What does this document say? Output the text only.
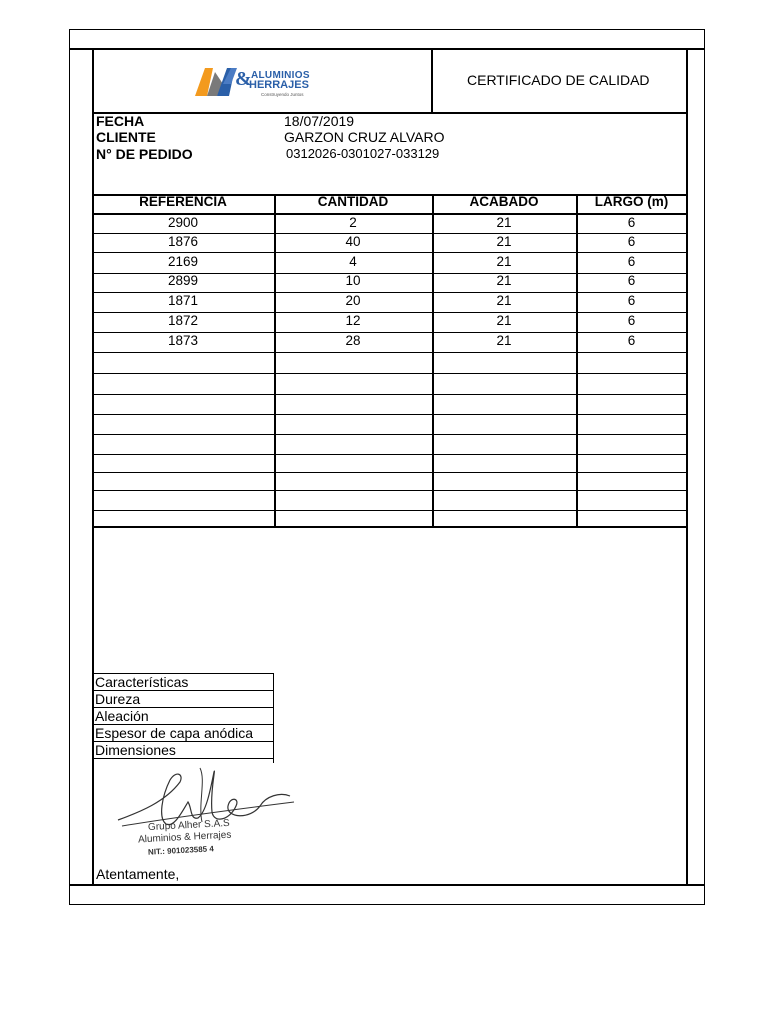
& ALUMINIOS
HERRAJES
Construyendo Juntos
CERTIFICADO DE CALIDAD
FECHA	18/07/2019
CLIENTE	GARZON CRUZ ALVARO
N° DE PEDIDO	0312026-0301027-033129
REFERENCIA	CANTIDAD	ACABADO	LARGO (m)
2900	2	21	6
1876	40	21	6
2169	4	21	6
2899	10	21	6
1871	20	21	6
1872	12	21	6
1873	28	21	6
Características
Dureza
Aleación
Espesor de capa anódica
Dimensiones
Grupo Alher S.A.S
Aluminios & Herrajes
NIT.: 901023585 4
Atentamente,
